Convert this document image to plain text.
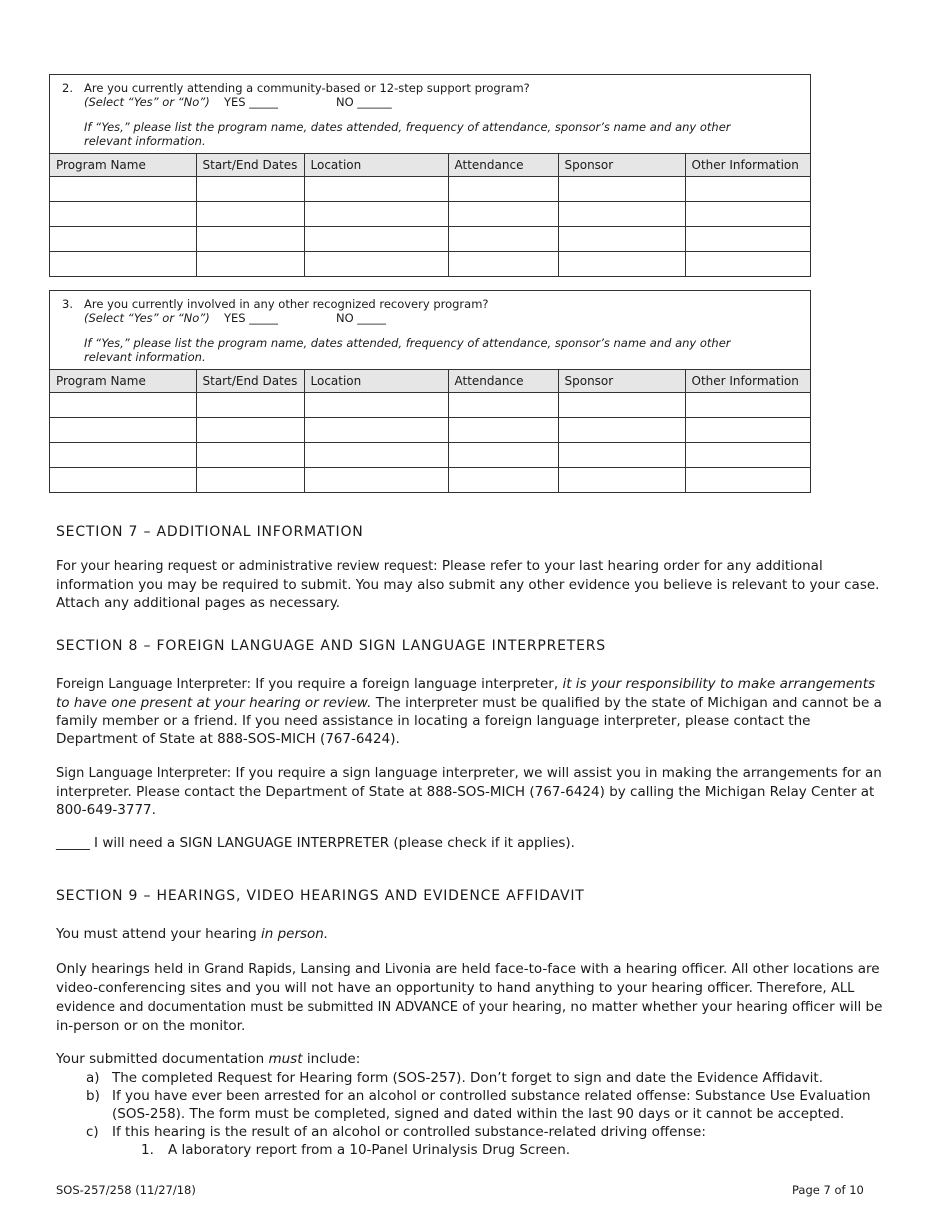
2. Are you currently attending a community-based or 12-step support program?
(Select “Yes” or “No”) YES _____	NO ______
If “Yes,” please list the program name, dates attended, frequency of attendance, sponsor’s name and any other relevant information.
Program Name	Start/End Dates	Location	Attendance	Sponsor	Other Information

3. Are you currently involved in any other recognized recovery program?
(Select “Yes” or “No”) YES _____	NO _____
If “Yes,” please list the program name, dates attended, frequency of attendance, sponsor’s name and any other relevant information.
Program Name	Start/End Dates	Location	Attendance	Sponsor	Other Information

SECTION 7 – ADDITIONAL INFORMATION
For your hearing request or administrative review request: Please refer to your last hearing order for any additional information you may be required to submit. You may also submit any other evidence you believe is relevant to your case. Attach any additional pages as necessary.
SECTION 8 – FOREIGN LANGUAGE AND SIGN LANGUAGE INTERPRETERS
Foreign Language Interpreter: If you require a foreign language interpreter, it is your responsibility to make arrangements to have one present at your hearing or review. The interpreter must be qualified by the state of Michigan and cannot be a family member or a friend. If you need assistance in locating a foreign language interpreter, please contact the Department of State at 888-SOS-MICH (767-6424).
Sign Language Interpreter: If you require a sign language interpreter, we will assist you in making the arrangements for an interpreter. Please contact the Department of State at 888-SOS-MICH (767-6424) by calling the Michigan Relay Center at 800-649-3777.
_____ I will need a SIGN LANGUAGE INTERPRETER (please check if it applies).
SECTION 9 – HEARINGS, VIDEO HEARINGS AND EVIDENCE AFFIDAVIT
You must attend your hearing in person.
Only hearings held in Grand Rapids, Lansing and Livonia are held face-to-face with a hearing officer. All other locations are video-conferencing sites and you will not have an opportunity to hand anything to your hearing officer. Therefore, ALL evidence and documentation must be submitted IN ADVANCE of your hearing, no matter whether your hearing officer will be in-person or on the monitor.
Your submitted documentation must include:
a) The completed Request for Hearing form (SOS-257). Don’t forget to sign and date the Evidence Affidavit.
b) If you have ever been arrested for an alcohol or controlled substance related offense: Substance Use Evaluation (SOS-258). The form must be completed, signed and dated within the last 90 days or it cannot be accepted.
c) If this hearing is the result of an alcohol or controlled substance-related driving offense:
1. A laboratory report from a 10-Panel Urinalysis Drug Screen.
SOS-257/258 (11/27/18)	Page 7 of 10
